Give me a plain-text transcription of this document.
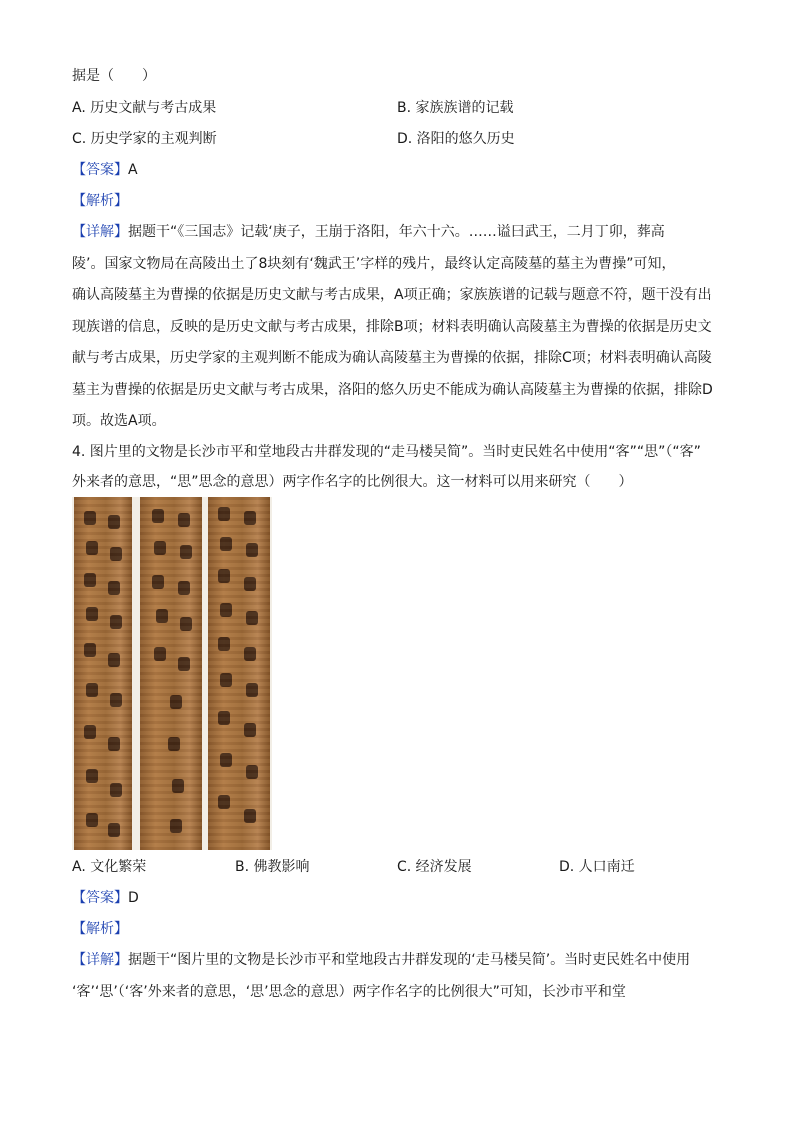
据是（　　）
A. 历史文献与考古成果	B. 家族族谱的记载
C. 历史学家的主观判断	D. 洛阳的悠久历史
【答案】A
【解析】

【详解】据题干“《三国志》记载‘庚子，王崩于洛阳，年六十六。……谥曰武王，二月丁卯，葬高

陵’。国家文物局在高陵出土了8块刻有‘魏武王’字样的残片，最终认定高陵墓的墓主为曹操”可知，

确认高陵墓主为曹操的依据是历史文献与考古成果，A项正确；家族族谱的记载与题意不符，题干没有出

现族谱的信息，反映的是历史文献与考古成果，排除B项；材料表明确认高陵墓主为曹操的依据是历史文

献与考古成果，历史学家的主观判断不能成为确认高陵墓主为曹操的依据，排除C项；材料表明确认高陵

墓主为曹操的依据是历史文献与考古成果，洛阳的悠久历史不能成为确认高陵墓主为曹操的依据，排除D

项。故选A项。

4. 图片里的文物是长沙市平和堂地段古井群发现的“走马楼吴简”。当时吏民姓名中使用“客”“思”（“客”
外来者的意思，“思”思念的意思）两字作名字的比例很大。这一材料可以用来研究（　　）
A. 文化繁荣	B. 佛教影响	C. 经济发展	D. 人口南迁
【答案】D
【解析】

【详解】据题干“图片里的文物是长沙市平和堂地段古井群发现的‘走马楼吴简’。当时吏民姓名中使用

‘客’‘思’（‘客’外来者的意思，‘思’思念的意思）两字作名字的比例很大”可知，长沙市平和堂
